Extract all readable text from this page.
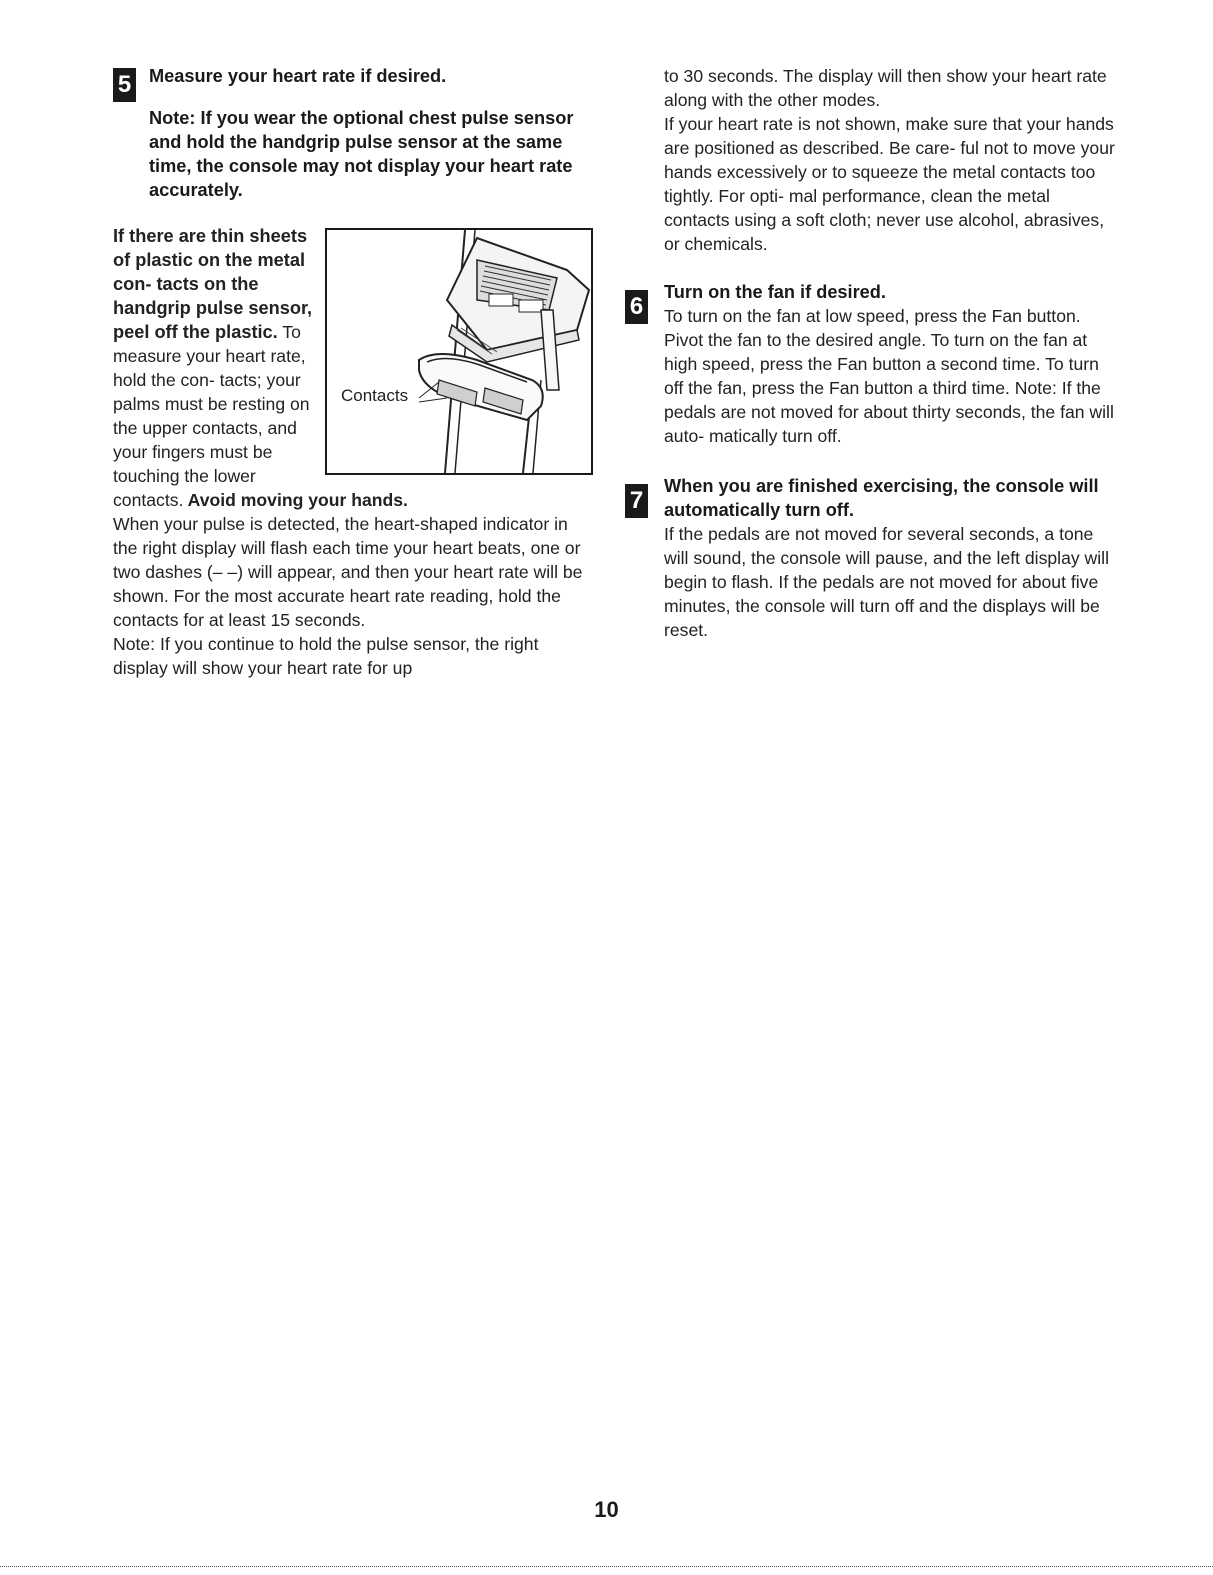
5 Measure your heart rate if desired.

Note: If you wear the optional chest pulse sensor and hold the handgrip pulse sensor at the same time, the console may not display your heart rate accurately.

Contacts

If there are thin sheets of plastic on the metal con- tacts on the handgrip pulse sensor, peel off the plastic. To measure your heart rate, hold the con- tacts; your palms must be resting on the upper contacts, and your fingers must be touching the lower contacts. Avoid moving your hands.

When your pulse is detected, the heart-shaped indicator in the right display will flash each time your heart beats, one or two dashes (– –) will appear, and then your heart rate will be shown. For the most accurate heart rate reading, hold the contacts for at least 15 seconds.

Note: If you continue to hold the pulse sensor, the right display will show your heart rate for up

to 30 seconds. The display will then show your heart rate along with the other modes.

If your heart rate is not shown, make sure that your hands are positioned as described. Be care- ful not to move your hands excessively or to squeeze the metal contacts too tightly. For opti- mal performance, clean the metal contacts using a soft cloth; never use alcohol, abrasives, or chemicals.

6

Turn on the fan if desired.

To turn on the fan at low speed, press the Fan button. Pivot the fan to the desired angle. To turn on the fan at high speed, press the Fan button a second time. To turn off the fan, press the Fan button a third time. Note: If the pedals are not moved for about thirty seconds, the fan will auto- matically turn off.

7

When you are finished exercising, the console will automatically turn off.

If the pedals are not moved for several seconds, a tone will sound, the console will pause, and the left display will begin to flash. If the pedals are not moved for about five minutes, the console will turn off and the displays will be reset.

10
